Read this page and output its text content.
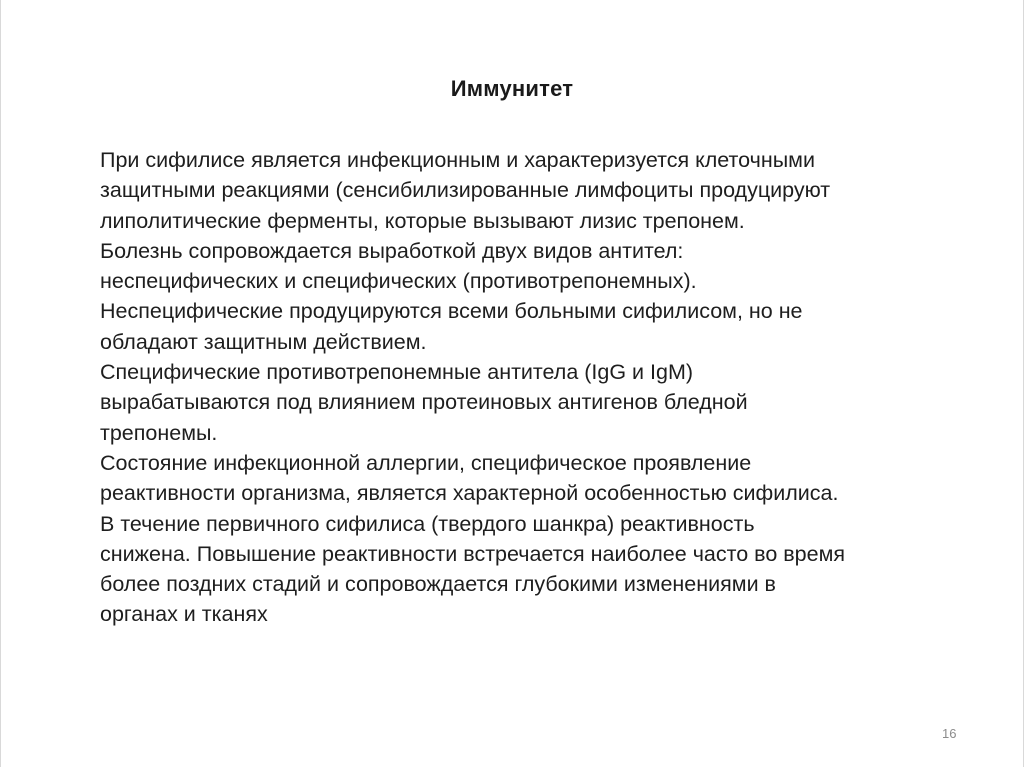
Иммунитет
При сифилисе является инфекционным и характеризуется клеточными
защитными реакциями (сенсибилизированные лимфоциты продуцируют
липолитические ферменты, которые вызывают лизис трепонем.
Болезнь сопровождается выработкой двух видов антител:
неспецифических и специфических (противотрепонемных).
Неспецифические продуцируются всеми больными сифилисом, но не
обладают защитным действием.
Специфические противотрепонемные антитела (IgG и IgM)
вырабатываются под влиянием протеиновых антигенов бледной
трепонемы.
Состояние инфекционной аллергии, специфическое проявление
реактивности организма, является характерной особенностью сифилиса.
В течение первичного сифилиса (твердого шанкра) реактивность
снижена. Повышение реактивности встречается наиболее часто во время
более поздних стадий и сопровождается глубокими изменениями в
органах и тканях
16
